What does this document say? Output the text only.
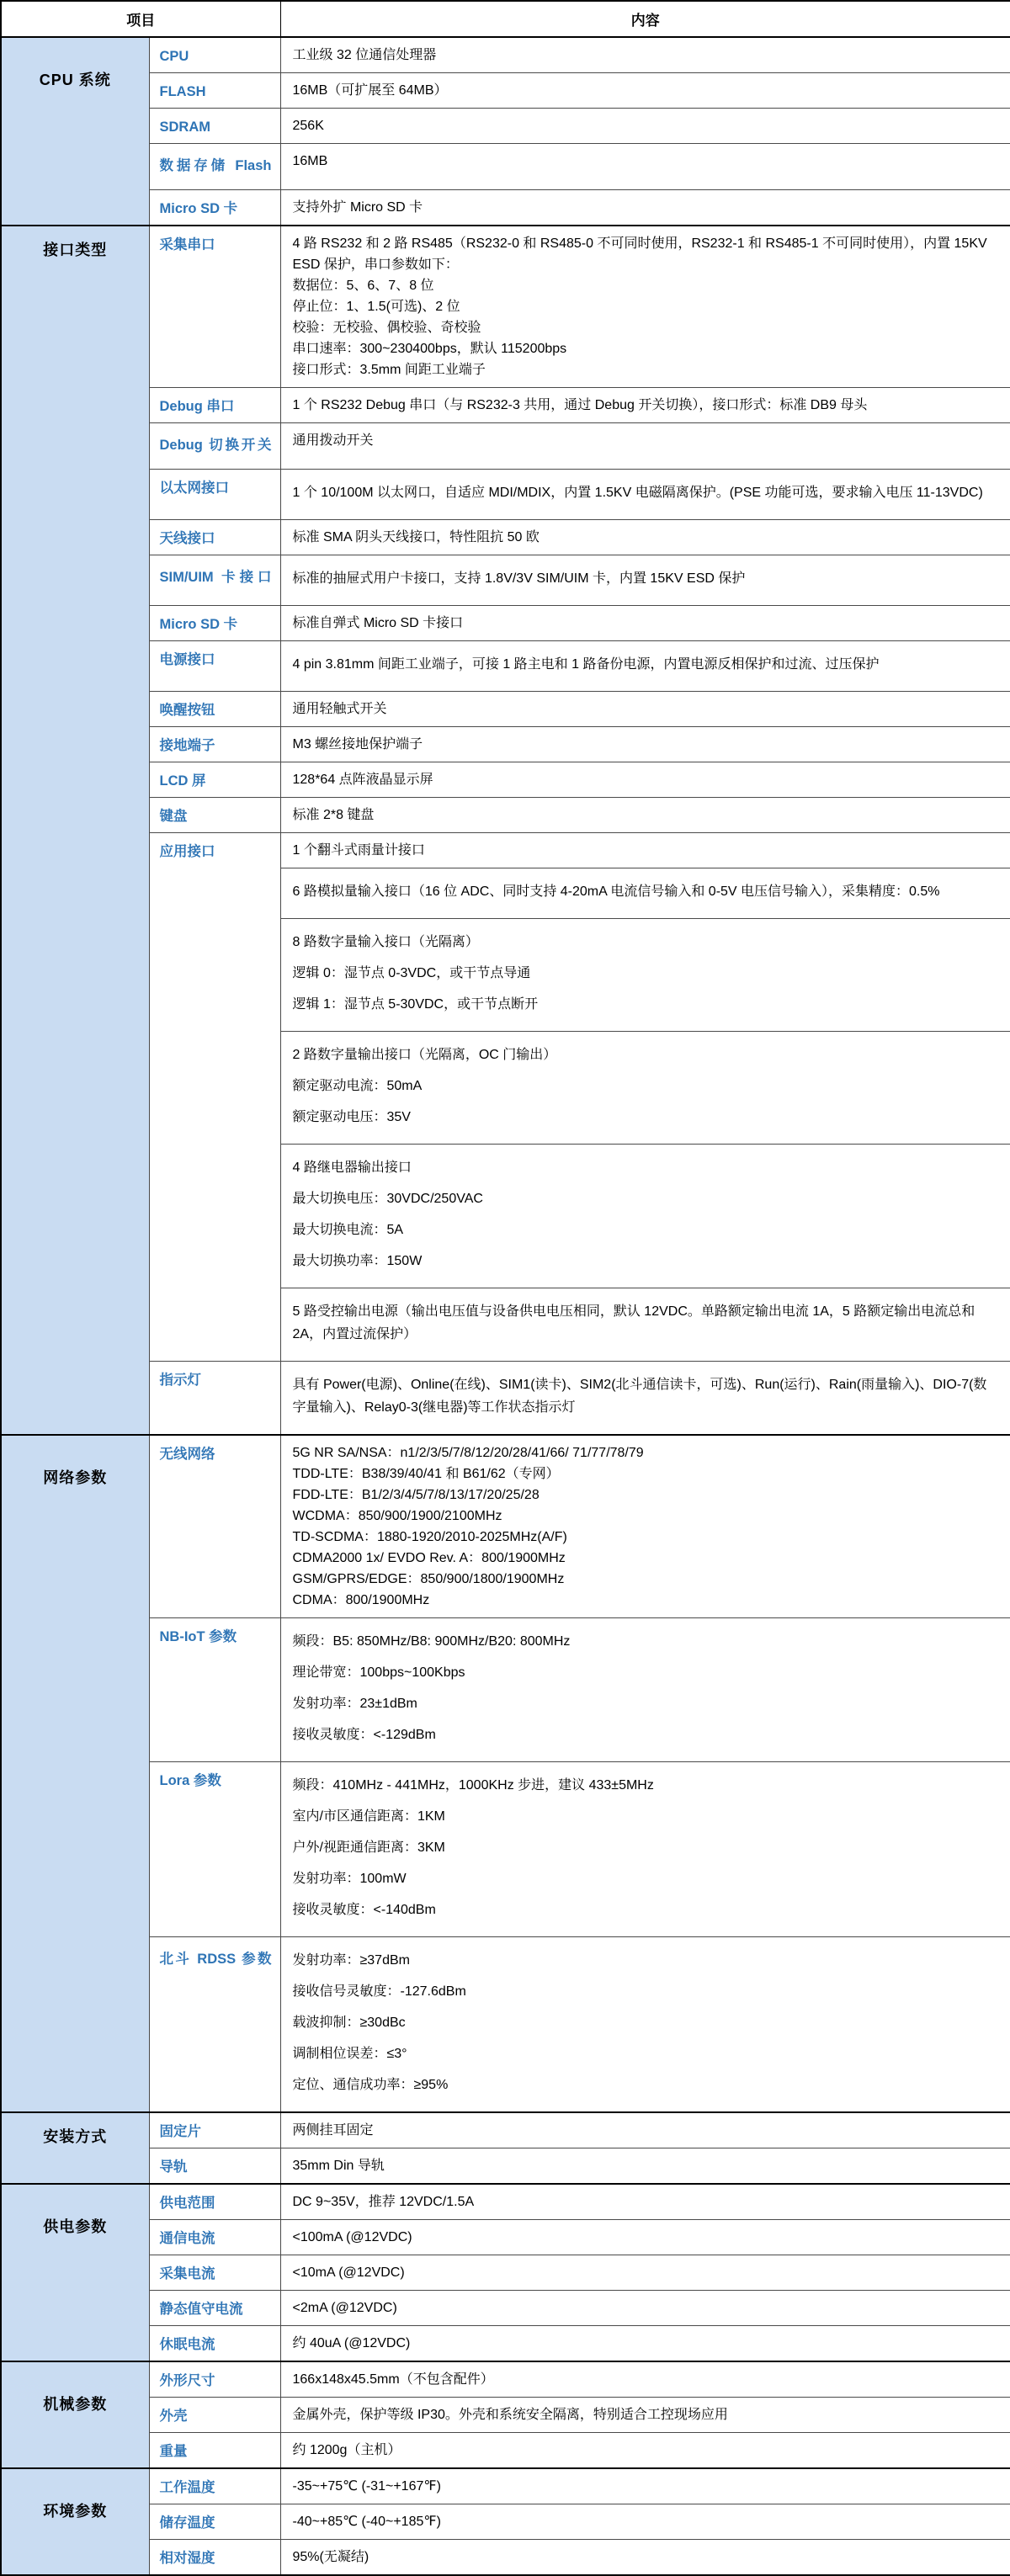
项目		内容
CPU 系统	CPU	工业级 32 位通信处理器

	FLASH	16MB（可扩展至 64MB）

	SDRAM	256K

	数据存储 Flash	16MB

	Micro SD 卡	支持外扩 Micro SD 卡

接口类型	采集串口	4 路 RS232 和 2 路 RS485（RS232-0 和 RS485-0 不可同时使用，RS232-1 和 RS485-1 不可同时使用），内置 15KV ESD 保护，串口参数如下：

数据位：5、6、7、8 位

停止位：1、1.5(可选)、2 位

校验：无校验、偶校验、奇校验

串口速率：300~230400bps，默认 115200bps

接口形式：3.5mm 间距工业端子

	Debug 串口	1 个 RS232 Debug 串口（与 RS232-3 共用，通过 Debug 开关切换），接口形式：标准 DB9 母头

	Debug 切换开关	通用拨动开关

	以太网接口	1 个 10/100M 以太网口，自适应 MDI/MDIX，内置 1.5KV 电磁隔离保护。(PSE 功能可选，要求输入电压 11-13VDC)

	天线接口	标准 SMA 阴头天线接口，特性阻抗 50 欧

	SIM/UIM 卡接口	标准的抽屉式用户卡接口，支持 1.8V/3V SIM/UIM 卡，内置 15KV ESD 保护

	Micro SD 卡	标准自弹式 Micro SD 卡接口

	电源接口	4 pin 3.81mm 间距工业端子，可接 1 路主电和 1 路备份电源，内置电源反相保护和过流、过压保护

	唤醒按钮	通用轻触式开关

	接地端子	M3 螺丝接地保护端子

	LCD 屏	128*64 点阵液晶显示屏

	键盘	标准 2*8 键盘

	应用接口	1 个翻斗式雨量计接口

		6 路模拟量输入接口（16 位 ADC、同时支持 4-20mA 电流信号输入和 0-5V 电压信号输入），采集精度：0.5%

		8 路数字量输入接口（光隔离）

逻辑 0：湿节点 0-3VDC，或干节点导通

逻辑 1：湿节点 5-30VDC，或干节点断开

		2 路数字量输出接口（光隔离，OC 门输出）

额定驱动电流：50mA

额定驱动电压：35V

		4 路继电器输出接口

最大切换电压：30VDC/250VAC

最大切换电流：5A

最大切换功率：150W

		5 路受控输出电源（输出电压值与设备供电电压相同，默认 12VDC。单路额定输出电流 1A，5 路额定输出电流总和 2A，内置过流保护）

	指示灯	具有 Power(电源)、Online(在线)、SIM1(读卡)、SIM2(北斗通信读卡，可选)、Run(运行)、Rain(雨量输入)、DIO-7(数字量输入)、Relay0-3(继电器)等工作状态指示灯

网络参数	无线网络	5G NR SA/NSA：n1/2/3/5/7/8/12/20/28/41/66/ 71/77/78/79

TDD-LTE：B38/39/40/41 和 B61/62（专网）

FDD-LTE：B1/2/3/4/5/7/8/13/17/20/25/28

WCDMA：850/900/1900/2100MHz

TD-SCDMA：1880-1920/2010-2025MHz(A/F)

CDMA2000 1x/ EVDO Rev. A：800/1900MHz

GSM/GPRS/EDGE：850/900/1800/1900MHz

CDMA：800/1900MHz

	NB-IoT 参数	频段：B5: 850MHz/B8: 900MHz/B20: 800MHz

理论带宽：100bps~100Kbps

发射功率：23±1dBm

接收灵敏度：<-129dBm

	Lora 参数	频段：410MHz - 441MHz，1000KHz 步进，建议 433±5MHz

室内/市区通信距离：1KM

户外/视距通信距离：3KM

发射功率：100mW

接收灵敏度：<-140dBm

	北斗 RDSS 参数	发射功率：≥37dBm

接收信号灵敏度：-127.6dBm

载波抑制：≥30dBc

调制相位误差：≤3°

定位、通信成功率：≥95%

安装方式	固定片	两侧挂耳固定

	导轨	35mm Din 导轨

供电参数	供电范围	DC 9~35V，推荐 12VDC/1.5A

	通信电流	<100mA (@12VDC)

	采集电流	<10mA (@12VDC)

	静态值守电流	<2mA (@12VDC)

	休眠电流	约 40uA (@12VDC)

机械参数	外形尺寸	166x148x45.5mm（不包含配件）

	外壳	金属外壳，保护等级 IP30。外壳和系统安全隔离，特别适合工控现场应用

	重量	约 1200g（主机）

环境参数	工作温度	-35~+75℃ (-31~+167℉)

	储存温度	-40~+85℃ (-40~+185℉)

	相对湿度	95%(无凝结)
